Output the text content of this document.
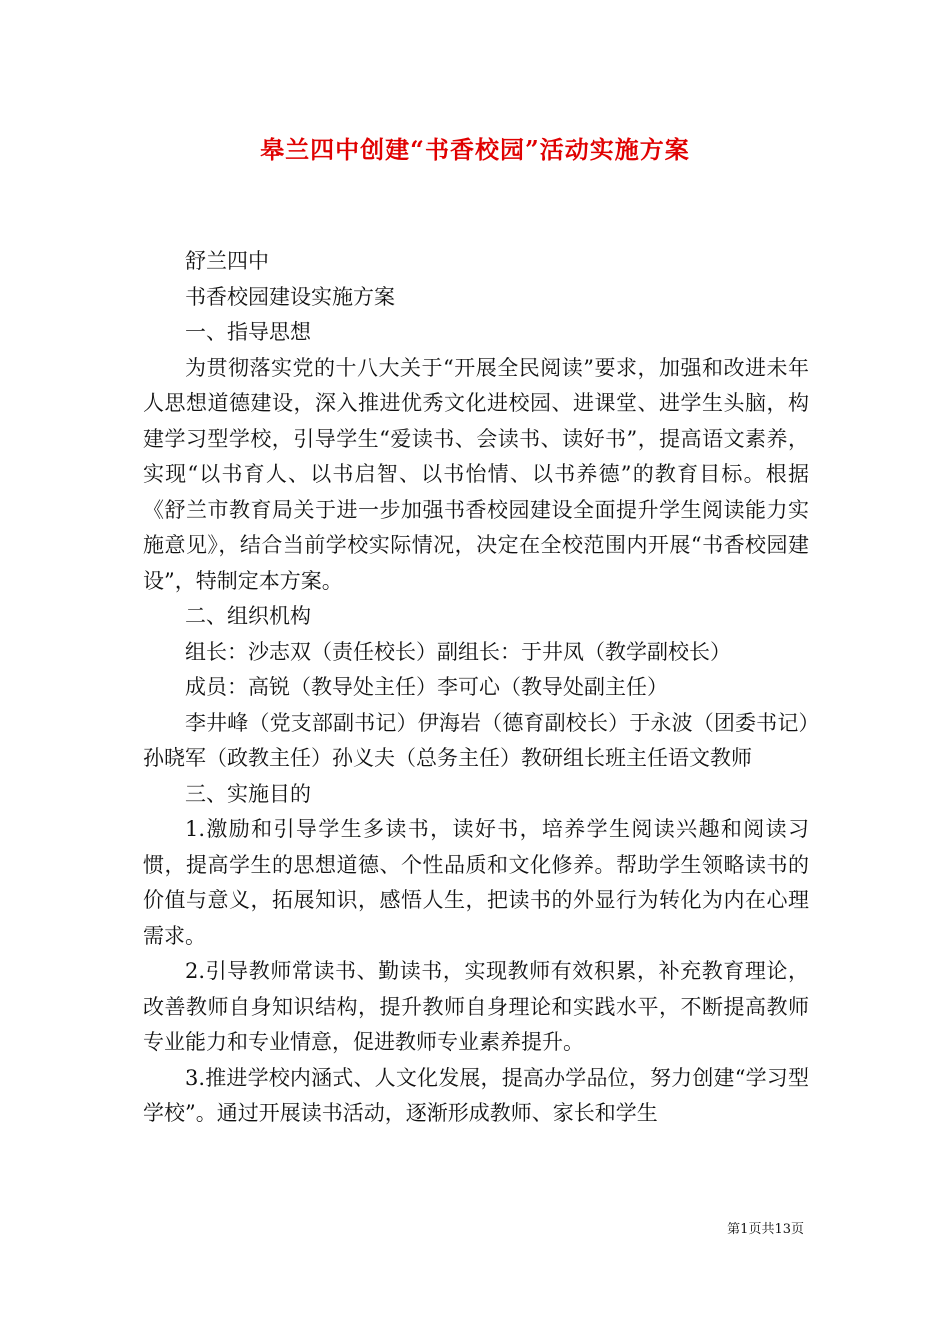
皋兰四中创建“书香校园”活动实施方案

舒兰四中

书香校园建设实施方案

一、指导思想

为贯彻落实党的十八大关于“开展全民阅读”要求，加强和改进未年人思想道德建设，深入推进优秀文化进校园、进课堂、进学生头脑，构建学习型学校，引导学生“爱读书、会读书、读好书”，提高语文素养，实现“以书育人、以书启智、以书怡情、以书养德”的教育目标。根据《舒兰市教育局关于进一步加强书香校园建设全面提升学生阅读能力实施意见》，结合当前学校实际情况，决定在全校范围内开展“书香校园建设”，特制定本方案。

二、组织机构

组长：沙志双（责任校长）副组长：于井凤（教学副校长）

成员：高锐（教导处主任）李可心（教导处副主任）

李井峰（党支部副书记）伊海岩（德育副校长）于永波（团委书记）孙晓军（政教主任）孙义夫（总务主任）教研组长班主任语文教师

三、实施目的

1.激励和引导学生多读书，读好书，培养学生阅读兴趣和阅读习惯，提高学生的思想道德、个性品质和文化修养。帮助学生领略读书的价值与意义，拓展知识，感悟人生，把读书的外显行为转化为内在心理需求。

2.引导教师常读书、勤读书，实现教师有效积累，补充教育理论，改善教师自身知识结构，提升教师自身理论和实践水平，不断提高教师专业能力和专业情意，促进教师专业素养提升。

3.推进学校内涵式、人文化发展，提高办学品位，努力创建“学习型学校”。通过开展读书活动，逐渐形成教师、家长和学生

第1页共13页
